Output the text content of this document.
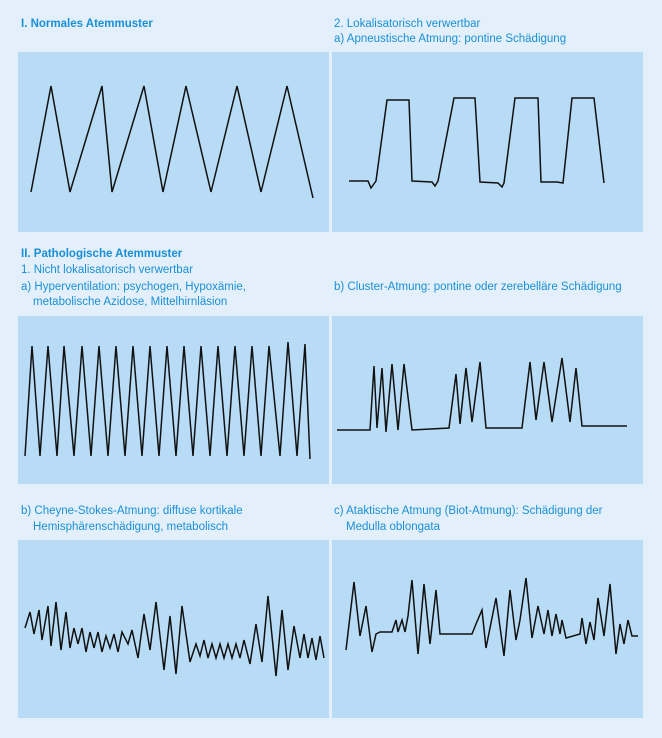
I. Normales Atemmuster	2. Lokalisatorisch verwertbar
a) Apneustische Atmung: pontine Schädigung
II. Pathologische Atemmuster
1. Nicht lokalisatorisch verwertbar
a) Hyperventilation: psychogen, Hypoxämie,
metabolische Azidose, Mittelhirnläsion
b) Cluster-Atmung: pontine oder zerebelläre Schädigung
b) Cheyne-Stokes-Atmung: diffuse kortikale
Hemisphärenschädigung, metabolisch
c) Ataktische Atmung (Biot-Atmung): Schädigung der
Medulla oblongata
